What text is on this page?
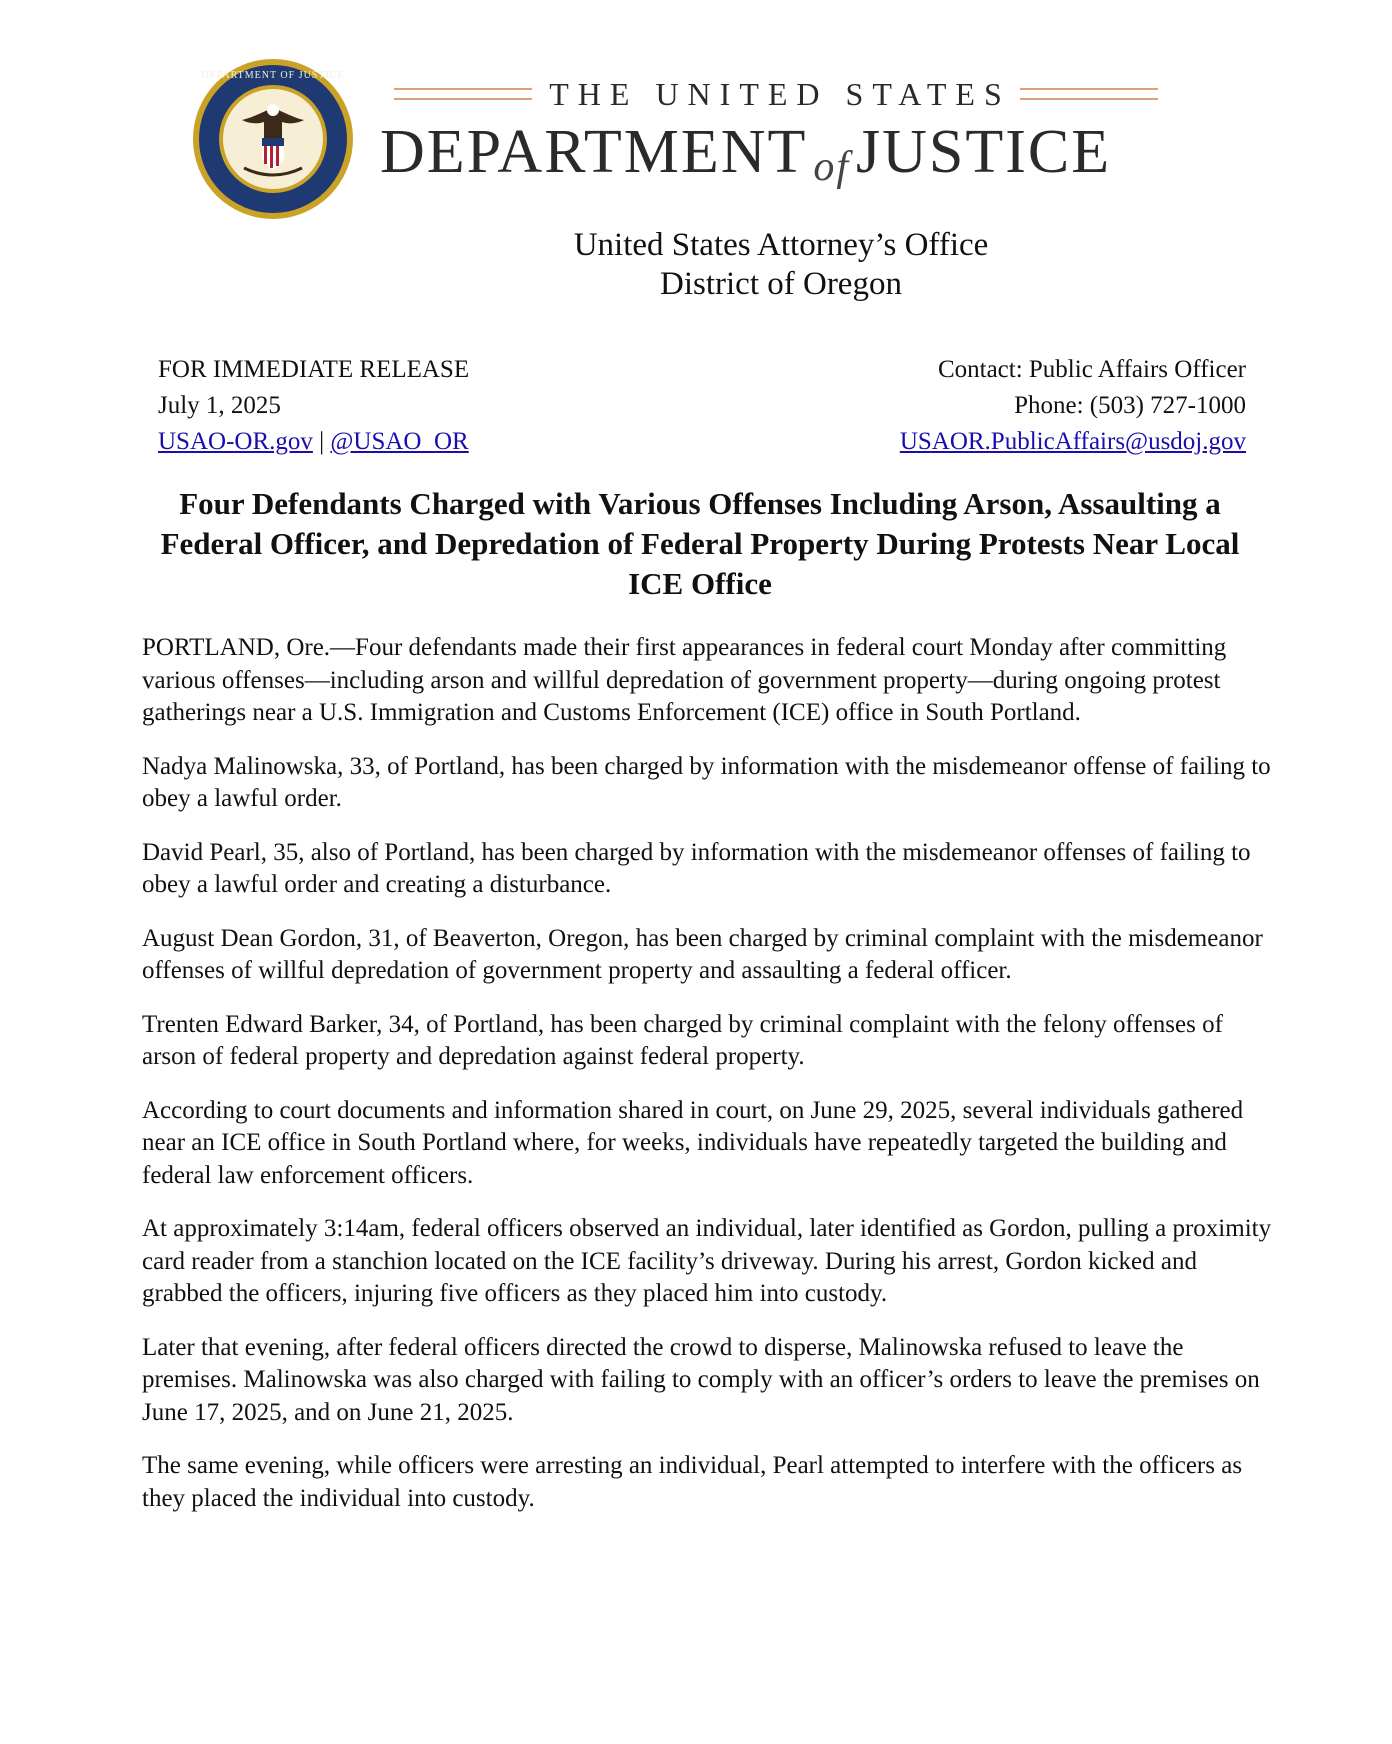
DEPARTMENT OF JUSTICE
THE UNITED STATES
DEPARTMENT ofJUSTICE
United States Attorney’s Office
District of Oregon
FOR IMMEDIATE RELEASE
July 1, 2025
USAO-OR.gov | @USAO_OR
Contact: Public Affairs Officer
Phone: (503) 727-1000
USAOR.PublicAffairs@usdoj.gov
Four Defendants Charged with Various Offenses Including Arson, Assaulting a Federal Officer, and Depredation of Federal Property During Protests Near Local ICE Office

PORTLAND, Ore.—Four defendants made their first appearances in federal court Monday after committing various offenses—including arson and willful depredation of government property—during ongoing protest gatherings near a U.S. Immigration and Customs Enforcement (ICE) office in South Portland.

Nadya Malinowska, 33, of Portland, has been charged by information with the misdemeanor offense of failing to obey a lawful order.

David Pearl, 35, also of Portland, has been charged by information with the misdemeanor offenses of failing to obey a lawful order and creating a disturbance.

August Dean Gordon, 31, of Beaverton, Oregon, has been charged by criminal complaint with the misdemeanor offenses of willful depredation of government property and assaulting a federal officer.

Trenten Edward Barker, 34, of Portland, has been charged by criminal complaint with the felony offenses of arson of federal property and depredation against federal property.

According to court documents and information shared in court, on June 29, 2025, several individuals gathered near an ICE office in South Portland where, for weeks, individuals have repeatedly targeted the building and federal law enforcement officers.

At approximately 3:14am, federal officers observed an individual, later identified as Gordon, pulling a proximity card reader from a stanchion located on the ICE facility’s driveway. During his arrest, Gordon kicked and grabbed the officers, injuring five officers as they placed him into custody.

Later that evening, after federal officers directed the crowd to disperse, Malinowska refused to leave the premises. Malinowska was also charged with failing to comply with an officer’s orders to leave the premises on June 17, 2025, and on June 21, 2025.

The same evening, while officers were arresting an individual, Pearl attempted to interfere with the officers as they placed the individual into custody.
